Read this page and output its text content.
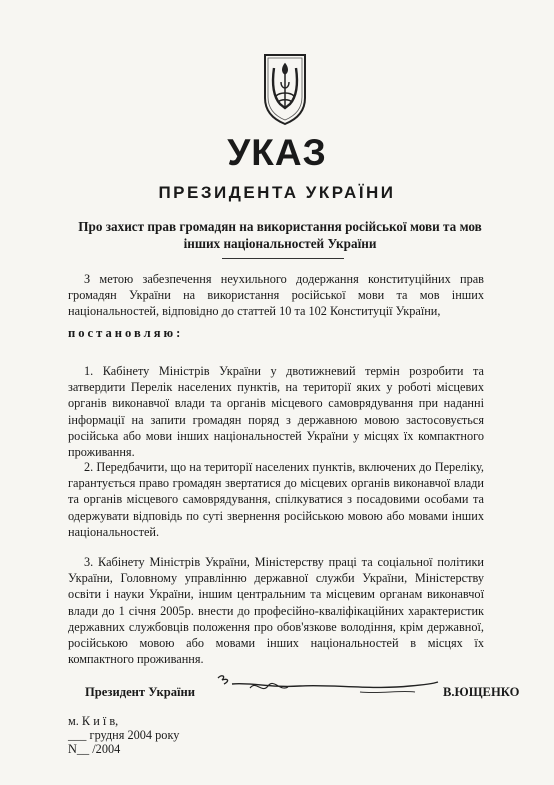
УКАЗ

ПРЕЗИДЕНТА УКРАЇНИ

Про захист прав громадян на використання російської мови та мов інших національностей України

З метою забезпечення неухильного додержання конституційних прав громадян України на використання російської мови та мов інших національностей, відповідно до статтей 10 та 102 Конституції України,

постановляю:

1. Кабінету Міністрів України у двотижневий термін розробити та затвердити Перелік населених пунктів, на території яких у роботі місцевих органів виконавчої влади та органів місцевого самоврядування при наданні інформації на запити громадян поряд з державною мовою застосовується російська або мови інших національностей України у місцях їх компактного проживання.

2. Передбачити, що на території населених пунктів, включених до Переліку, гарантується право громадян звертатися до місцевих органів виконавчої влади та органів місцевого самоврядування, спілкуватися з посадовими особами та одержувати відповідь по суті звернення російською мовою або мовами інших національностей.

3. Кабінету Міністрів України, Міністерству праці та соціальної політики України, Головному управлінню державної служби України, Міністерству освіти і науки України, іншим центральним та місцевим органам виконавчої влади до 1 січня 2005р. внести до професійно-кваліфікаційних характеристик державних службовців положення про обов'язкове володіння, крім державної, російською мовою або мовами інших національностей в місцях їх компактного проживання.

Президент України	В.ЮЩЕНКО

м. К и ї в,

___ грудня 2004 року

N__ /2004
